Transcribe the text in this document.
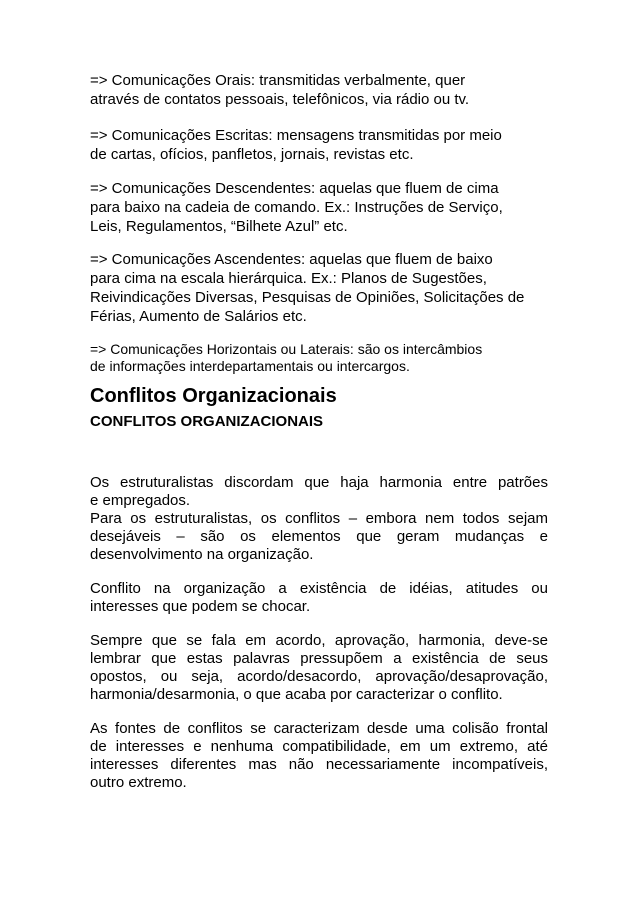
=> Comunicações Orais: transmitidas verbalmente, quer
através de contatos pessoais, telefônicos, via rádio ou tv.
=> Comunicações Escritas: mensagens transmitidas por meio
de cartas, ofícios, panfletos, jornais, revistas etc.
=> Comunicações Descendentes: aquelas que fluem de cima
para baixo na cadeia de comando. Ex.: Instruções de Serviço,
Leis, Regulamentos, “Bilhete Azul” etc.
=> Comunicações Ascendentes: aquelas que fluem de baixo
para cima na escala hierárquica. Ex.: Planos de Sugestões,
Reivindicações Diversas, Pesquisas de Opiniões, Solicitações de
Férias, Aumento de Salários etc.
=> Comunicações Horizontais ou Laterais: são os intercâmbios
de informações interdepartamentais ou intercargos.
Conflitos Organizacionais
CONFLITOS ORGANIZACIONAIS
Os estruturalistas discordam que haja harmonia entre patrões
e empregados.
Para os estruturalistas, os conflitos – embora nem todos sejam
desejáveis – são os elementos que geram mudanças e
desenvolvimento na organização.
Conflito na organização a existência de idéias, atitudes ou
interesses que podem se chocar.
Sempre que se fala em acordo, aprovação, harmonia, deve-se
lembrar que estas palavras pressupõem a existência de seus
opostos, ou seja, acordo/desacordo, aprovação/desaprovação,
harmonia/desarmonia, o que acaba por caracterizar o conflito.
As fontes de conflitos se caracterizam desde uma colisão frontal
de interesses e nenhuma compatibilidade, em um extremo, até
interesses diferentes mas não necessariamente incompatíveis,
outro extremo.
